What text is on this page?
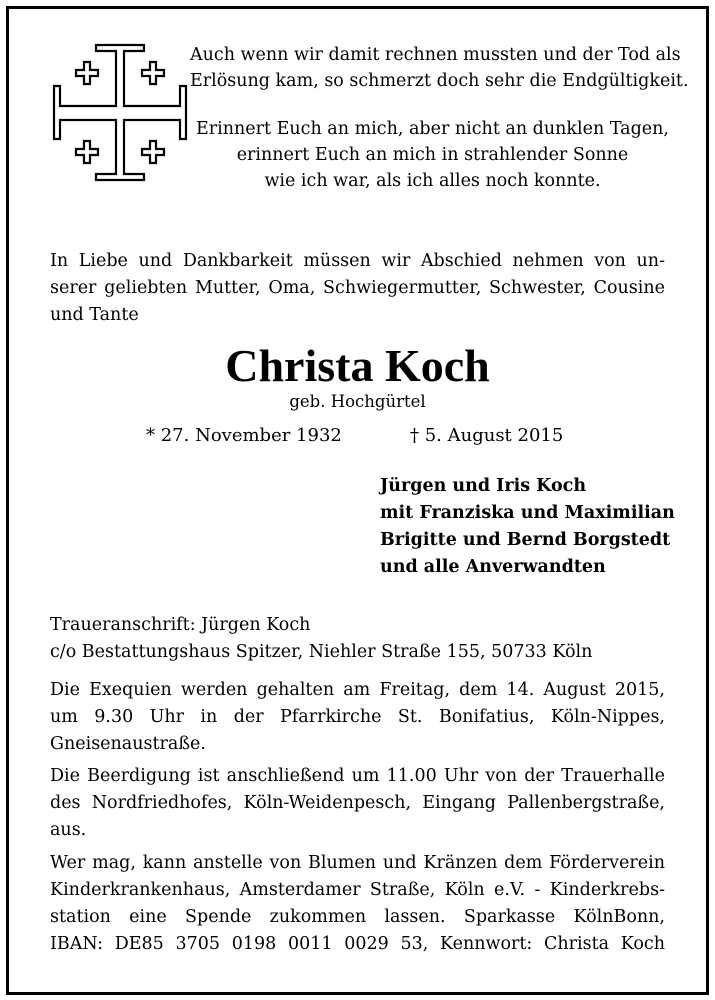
Auch wenn wir damit rechnen mussten und der Tod als
Erlösung kam, so schmerzt doch sehr die Endgültigkeit.
Erinnert Euch an mich, aber nicht an dunklen Tagen,
erinnert Euch an mich in strahlender Sonne
wie ich war, als ich alles noch konnte.
In Liebe und Dankbarkeit müssen wir Abschied nehmen von un-
serer geliebten Mutter, Oma, Schwiegermutter, Schwester, Cousine
und Tante
Christa Koch
geb. Hochgürtel
* 27. November 1932	† 5. August 2015
Jürgen und Iris Koch
mit Franziska und Maximilian
Brigitte und Bernd Borgstedt
und alle Anverwandten
Traueranschrift: Jürgen Koch
c/o Bestattungshaus Spitzer, Niehler Straße 155, 50733 Köln
Die Exequien werden gehalten am Freitag, dem 14. August 2015,
um 9.30 Uhr in der Pfarrkirche St. Bonifatius, Köln-Nippes,
Gneisenaustraße.
Die Beerdigung ist anschließend um 11.00 Uhr von der Trauerhalle
des Nordfriedhofes, Köln-Weidenpesch, Eingang Pallenbergstraße,
aus.
Wer mag, kann anstelle von Blumen und Kränzen dem Förderverein
Kinderkrankenhaus, Amsterdamer Straße, Köln e.V. - Kinderkrebs-
station eine Spende zukommen lassen. Sparkasse KölnBonn,
IBAN: DE85 3705 0198 0011 0029 53, Kennwort: Christa Koch
